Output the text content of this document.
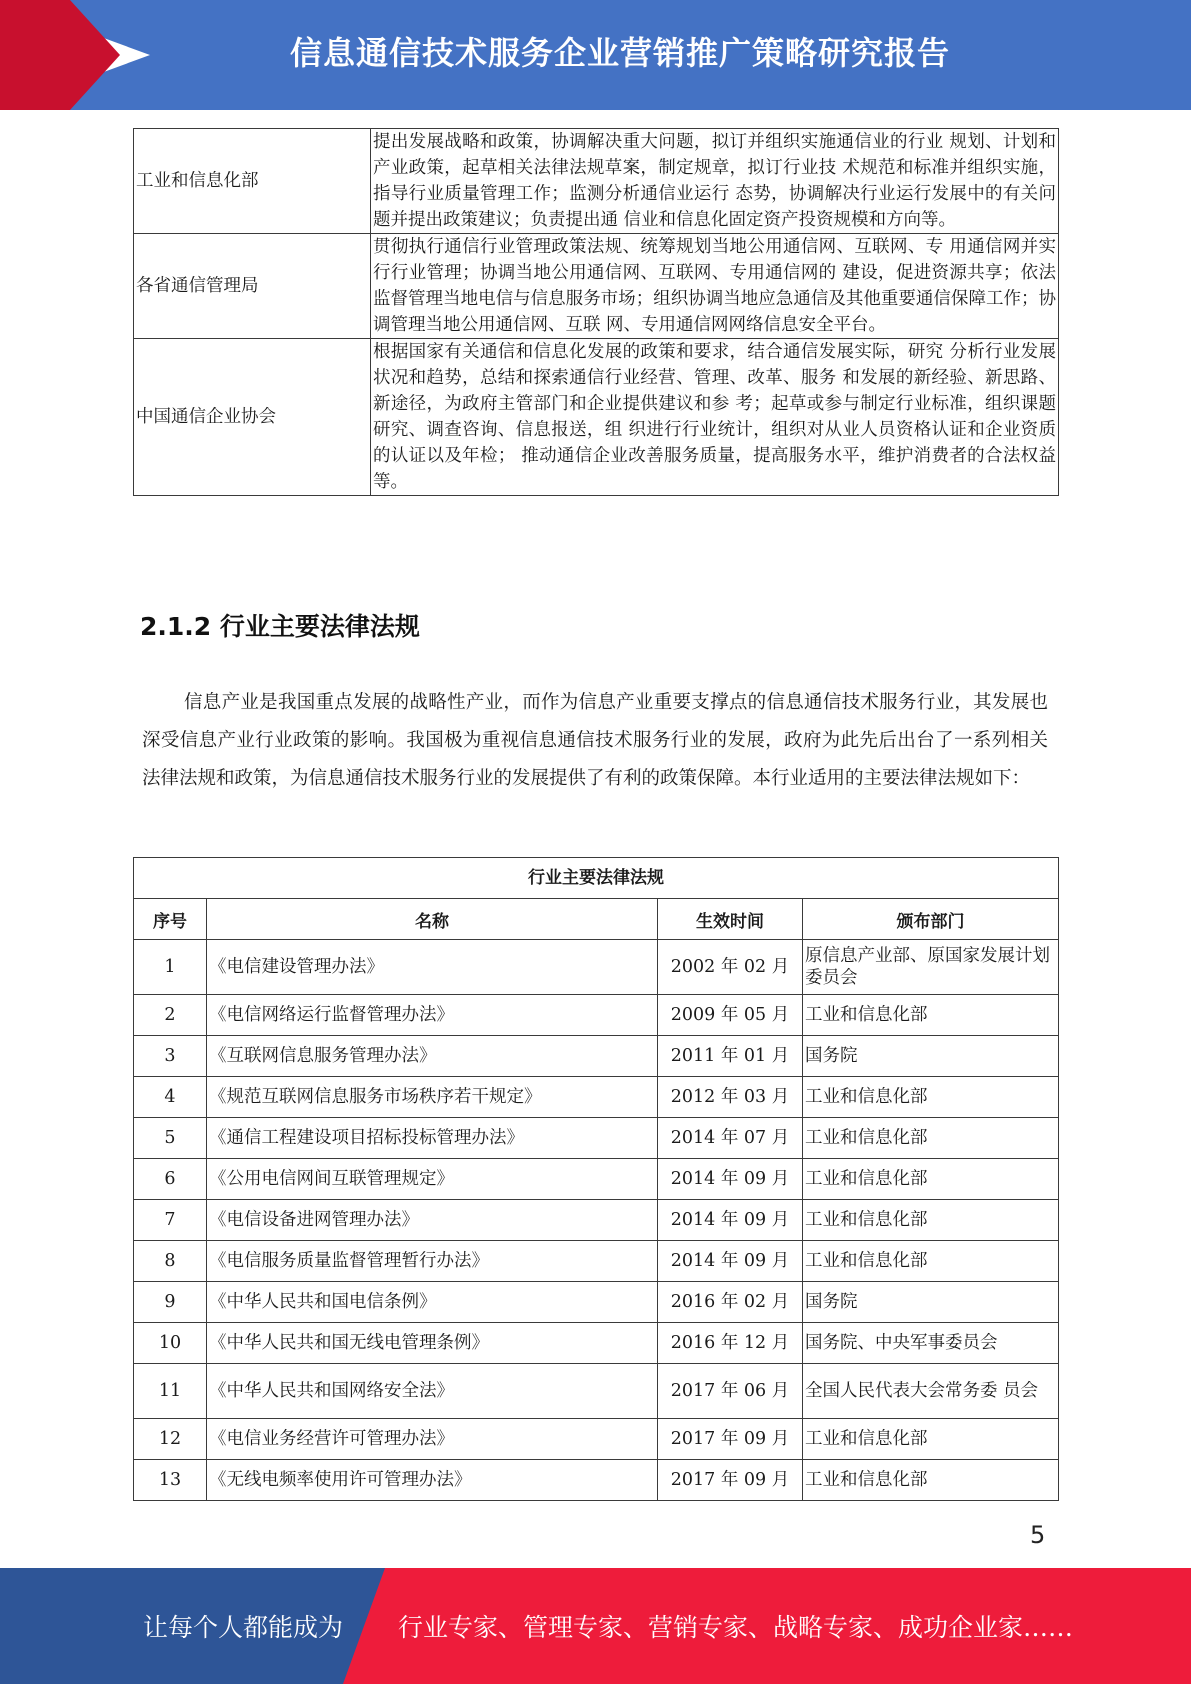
信息通信技术服务企业营销推广策略研究报告
工业和信息化部	提出发展战略和政策，协调解决重大问题，拟订并组织实施通信业的行业 规划、计划和产业政策，起草相关法律法规草案，制定规章，拟订行业技 术规范和标准并组织实施，指导行业质量管理工作；监测分析通信业运行 态势，协调解决行业运行发展中的有关问题并提出政策建议；负责提出通 信业和信息化固定资产投资规模和方向等。
各省通信管理局	贯彻执行通信行业管理政策法规、统筹规划当地公用通信网、互联网、专 用通信网并实行行业管理；协调当地公用通信网、互联网、专用通信网的 建设，促进资源共享；依法监督管理当地电信与信息服务市场；组织协调当地应急通信及其他重要通信保障工作；协调管理当地公用通信网、互联 网、专用通信网网络信息安全平台。
中国通信企业协会	根据国家有关通信和信息化发展的政策和要求，结合通信发展实际，研究 分析行业发展状况和趋势，总结和探索通信行业经营、管理、改革、服务 和发展的新经验、新思路、新途径，为政府主管部门和企业提供建议和参 考；起草或参与制定行业标准，组织课题研究、调查咨询、信息报送，组 织进行行业统计，组织对从业人员资格认证和企业资质的认证以及年检； 推动通信企业改善服务质量，提高服务水平，维护消费者的合法权益等。
2.1.2 行业主要法律法规

信息产业是我国重点发展的战略性产业，而作为信息产业重要支撑点的信息通信技术服务行业，其发展也深受信息产业行业政策的影响。我国极为重视信息通信技术服务行业的发展，政府为此先后出台了一系列相关法律法规和政策，为信息通信技术服务行业的发展提供了有利的政策保障。本行业适用的主要法律法规如下：

行业主要法律法规			
序号	名称	生效时间	颁布部门
1	《电信建设管理办法》	2002 年 02 月	原信息产业部、原国家发展计划委员会
2	《电信网络运行监督管理办法》	2009 年 05 月	工业和信息化部
3	《互联网信息服务管理办法》	2011 年 01 月	国务院
4	《规范互联网信息服务市场秩序若干规定》	2012 年 03 月	工业和信息化部
5	《通信工程建设项目招标投标管理办法》	2014 年 07 月	工业和信息化部
6	《公用电信网间互联管理规定》	2014 年 09 月	工业和信息化部
7	《电信设备进网管理办法》	2014 年 09 月	工业和信息化部
8	《电信服务质量监督管理暂行办法》	2014 年 09 月	工业和信息化部
9	《中华人民共和国电信条例》	2016 年 02 月	国务院
10	《中华人民共和国无线电管理条例》	2016 年 12 月	国务院、中央军事委员会
11	《中华人民共和国网络安全法》	2017 年 06 月	全国人民代表大会常务委 员会
12	《电信业务经营许可管理办法》	2017 年 09 月	工业和信息化部
13	《无线电频率使用许可管理办法》	2017 年 09 月	工业和信息化部
5
让每个人都能成为 行业专家、管理专家、营销专家、战略专家、成功企业家……
